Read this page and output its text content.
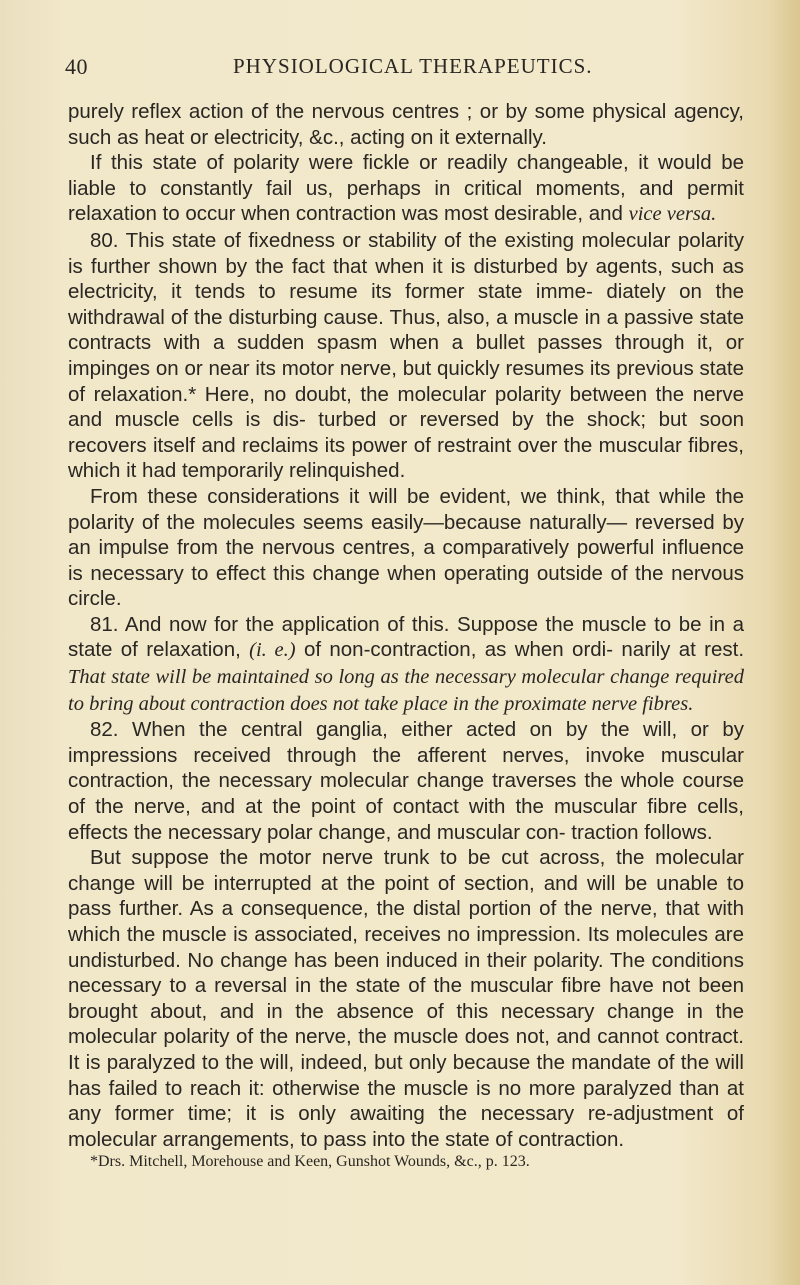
40	PHYSIOLOGICAL THERAPEUTICS.

purely reflex action of the nervous centres ; or by some physical agency, such as heat or electricity, &c., acting on it externally.

If this state of polarity were fickle or readily changeable, it would be liable to constantly fail us, perhaps in critical moments, and permit relaxation to occur when contraction was most desirable, and vice versa.

80. This state of fixedness or stability of the existing molecular polarity is further shown by the fact that when it is disturbed by agents, such as electricity, it tends to resume its former state imme- diately on the withdrawal of the disturbing cause. Thus, also, a muscle in a passive state contracts with a sudden spasm when a bullet passes through it, or impinges on or near its motor nerve, but quickly resumes its previous state of relaxation.* Here, no doubt, the molecular polarity between the nerve and muscle cells is dis- turbed or reversed by the shock; but soon recovers itself and reclaims its power of restraint over the muscular fibres, which it had temporarily relinquished.

From these considerations it will be evident, we think, that while the polarity of the molecules seems easily—because naturally— reversed by an impulse from the nervous centres, a comparatively powerful influence is necessary to effect this change when operating outside of the nervous circle.

81. And now for the application of this. Suppose the muscle to be in a state of relaxation, (i. e.) of non-contraction, as when ordi- narily at rest. That state will be maintained so long as the necessary molecular change required to bring about contraction does not take place in the proximate nerve fibres.

82. When the central ganglia, either acted on by the will, or by impressions received through the afferent nerves, invoke muscular contraction, the necessary molecular change traverses the whole course of the nerve, and at the point of contact with the muscular fibre cells, effects the necessary polar change, and muscular con- traction follows.

But suppose the motor nerve trunk to be cut across, the molecular change will be interrupted at the point of section, and will be unable to pass further. As a consequence, the distal portion of the nerve, that with which the muscle is associated, receives no impression. Its molecules are undisturbed. No change has been induced in their polarity. The conditions necessary to a reversal in the state of the muscular fibre have not been brought about, and in the absence of this necessary change in the molecular polarity of the nerve, the muscle does not, and cannot contract. It is paralyzed to the will, indeed, but only because the mandate of the will has failed to reach it: otherwise the muscle is no more paralyzed than at any former time; it is only awaiting the necessary re-adjustment of molecular arrangements, to pass into the state of contraction.

*Drs. Mitchell, Morehouse and Keen, Gunshot Wounds, &c., p. 123.
